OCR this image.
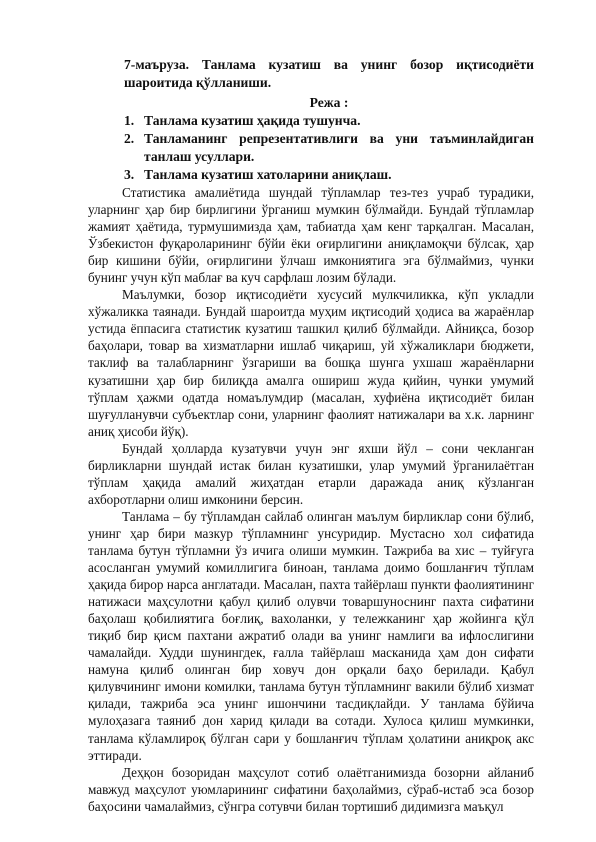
7-маъруза. Танлама кузатиш ва унинг бозор иқтисодиёти шароитида қўлланиши.
Режа :
1. Танлама кузатиш ҳақида тушунча.
2. Танламанинг репрезентативлиги ва уни таъминлайдиган танлаш усуллари.
3. Танлама кузатиш хатоларини аниқлаш.

Статистика амалиётида шундай тўпламлар тез-тез учраб турадики, уларнинг ҳар бир бирлигини ўрганиш мумкин бўлмайди. Бундай тўпламлар жамият ҳаётида, турмушимизда ҳам, табиатда ҳам кенг тарқалган. Масалан, Ўзбекистон фуқароларининг бўйи ёки оғирлигини аниқламоқчи бўлсак, ҳар бир кишини бўйи, оғирлигини ўлчаш имкониятига эга бўлмаймиз, чунки бунинг учун кўп маблағ ва куч сарфлаш лозим бўлади.

Маълумки, бозор иқтисодиёти хусусий мулкчиликка, кўп укладли хўжаликка таянади. Бундай шароитда муҳим иқтисодий ҳодиса ва жараёнлар устида ёппасига статистик кузатиш ташкил қилиб бўлмайди. Айниқса, бозор баҳолари, товар ва хизматларни ишлаб чиқариш, уй хўжаликлари бюджети, таклиф ва талабларнинг ўзгариши ва бошқа шунга ухшаш жараёнларни кузатишни ҳар бир билиқда амалга ошириш жуда қийин, чунки умумий тўплам ҳажми одатда номаълумдир (масалан, хуфиёна иқтисодиёт билан шуғулланувчи субъектлар сони, уларнинг фаолият натижалари ва х.к. ларнинг аниқ ҳисоби йўқ).

Бундай ҳолларда кузатувчи учун энг яхши йўл – сони чекланган бирликларни шундай истак билан кузатишки, улар умумий ўрганилаётган тўплам ҳақида амалий жиҳатдан етарли даражада аниқ кўзланган ахборотларни олиш имконини берсин.

Танлама – бу тўпламдан сайлаб олинган маълум бирликлар сони бўлиб, унинг ҳар бири мазкур тўпламнинг унсуридир. Мустасно хол сифатида танлама бутун тўпламни ўз ичига олиши мумкин. Тажриба ва хис – туйғуга асосланган умумий комиллигига биноан, танлама доимо бошланғич тўплам ҳақида бирор нарса англатади. Масалан, пахта тайёрлаш пункти фаолиятининг натижаси маҳсулотни қабул қилиб олувчи товаршуноснинг пахта сифатини баҳолаш қобилиятига боғлиқ, вахоланки, у тележканинг ҳар жойинга қўл тиқиб бир қисм пахтани ажратиб олади ва унинг намлиги ва ифлослигини чамалайди. Худди шунингдек, ғалла тайёрлаш масканида ҳам дон сифати намуна қилиб олинган бир ховуч дон орқали баҳо берилади. Қабул қилувчининг имони комилки, танлама бутун тўпламнинг вакили бўлиб хизмат қилади, тажриба эса унинг ишончини тасдиқлайди. У танлама бўйича мулоҳазага таяниб дон харид қилади ва сотади. Хулоса қилиш мумкинки, танлама кўламлироқ бўлган сари у бошланғич тўплам ҳолатини аниқроқ акс эттиради.

Деҳқон бозоридан маҳсулот сотиб олаётганимизда бозорни айланиб мавжуд маҳсулот уюмларининг сифатини баҳолаймиз, сўраб-истаб эса бозор баҳосини чамалаймиз, сўнгра сотувчи билан тортишиб дидимизга маъқул
